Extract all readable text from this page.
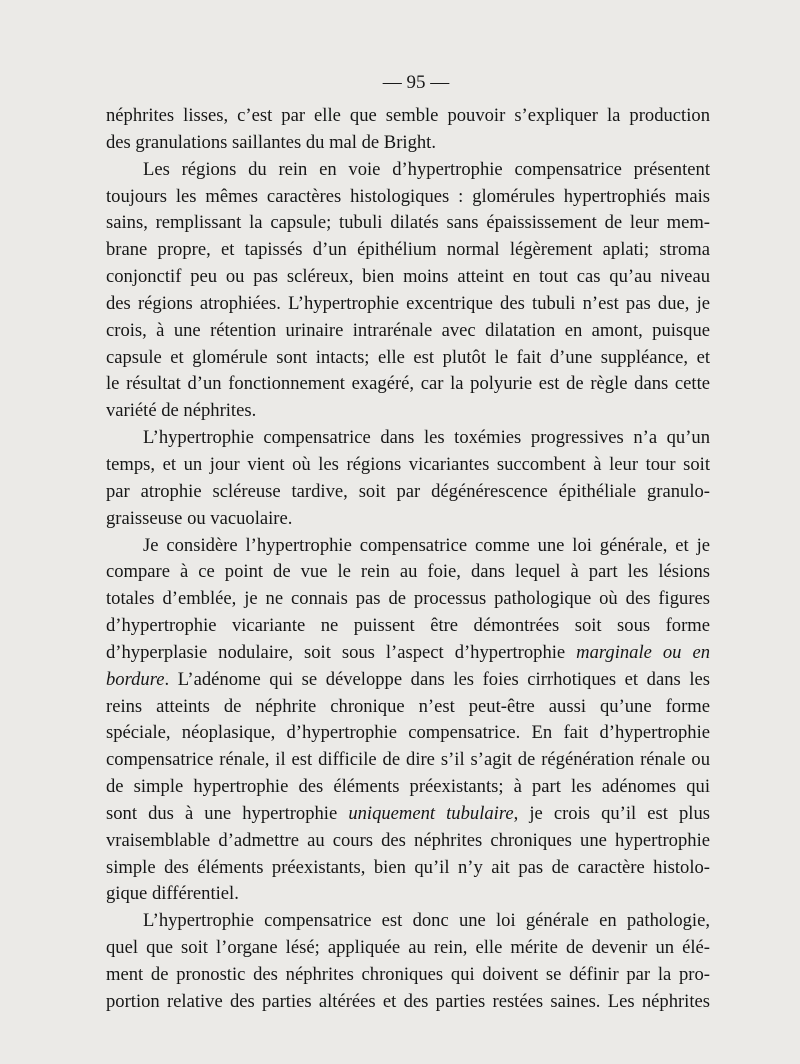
— 95 —
néphrites lisses, c’est par elle que semble pouvoir s’expliquer la production
des granulations saillantes du mal de Bright.
Les régions du rein en voie d’hypertrophie compensatrice présentent
toujours les mêmes caractères histologiques : glomérules hypertrophiés mais
sains, remplissant la capsule; tubuli dilatés sans épaississement de leur mem-
brane propre, et tapissés d’un épithélium normal légèrement aplati; stroma
conjonctif peu ou pas scléreux, bien moins atteint en tout cas qu’au niveau
des régions atrophiées. L’hypertrophie excentrique des tubuli n’est pas due, je
crois, à une rétention urinaire intrarénale avec dilatation en amont, puisque
capsule et glomérule sont intacts; elle est plutôt le fait d’une suppléance, et
le résultat d’un fonctionnement exagéré, car la polyurie est de règle dans cette
variété de néphrites.
L’hypertrophie compensatrice dans les toxémies progressives n’a qu’un
temps, et un jour vient où les régions vicariantes succombent à leur tour soit
par atrophie scléreuse tardive, soit par dégénérescence épithéliale granulo-
graisseuse ou vacuolaire.
Je considère l’hypertrophie compensatrice comme une loi générale, et je
compare à ce point de vue le rein au foie, dans lequel à part les lésions
totales d’emblée, je ne connais pas de processus pathologique où des figures
d’hypertrophie vicariante ne puissent être démontrées soit sous forme
d’hyperplasie nodulaire, soit sous l’aspect d’hypertrophie marginale ou en
bordure. L’adénome qui se développe dans les foies cirrhotiques et dans les
reins atteints de néphrite chronique n’est peut-être aussi qu’une forme
spéciale, néoplasique, d’hypertrophie compensatrice. En fait d’hypertrophie
compensatrice rénale, il est difficile de dire s’il s’agit de régénération rénale ou
de simple hypertrophie des éléments préexistants; à part les adénomes qui
sont dus à une hypertrophie uniquement tubulaire, je crois qu’il est plus
vraisemblable d’admettre au cours des néphrites chroniques une hypertrophie
simple des éléments préexistants, bien qu’il n’y ait pas de caractère histolo-
gique différentiel.
L’hypertrophie compensatrice est donc une loi générale en pathologie,
quel que soit l’organe lésé; appliquée au rein, elle mérite de devenir un élé-
ment de pronostic des néphrites chroniques qui doivent se définir par la pro-
portion relative des parties altérées et des parties restées saines. Les néphrites
